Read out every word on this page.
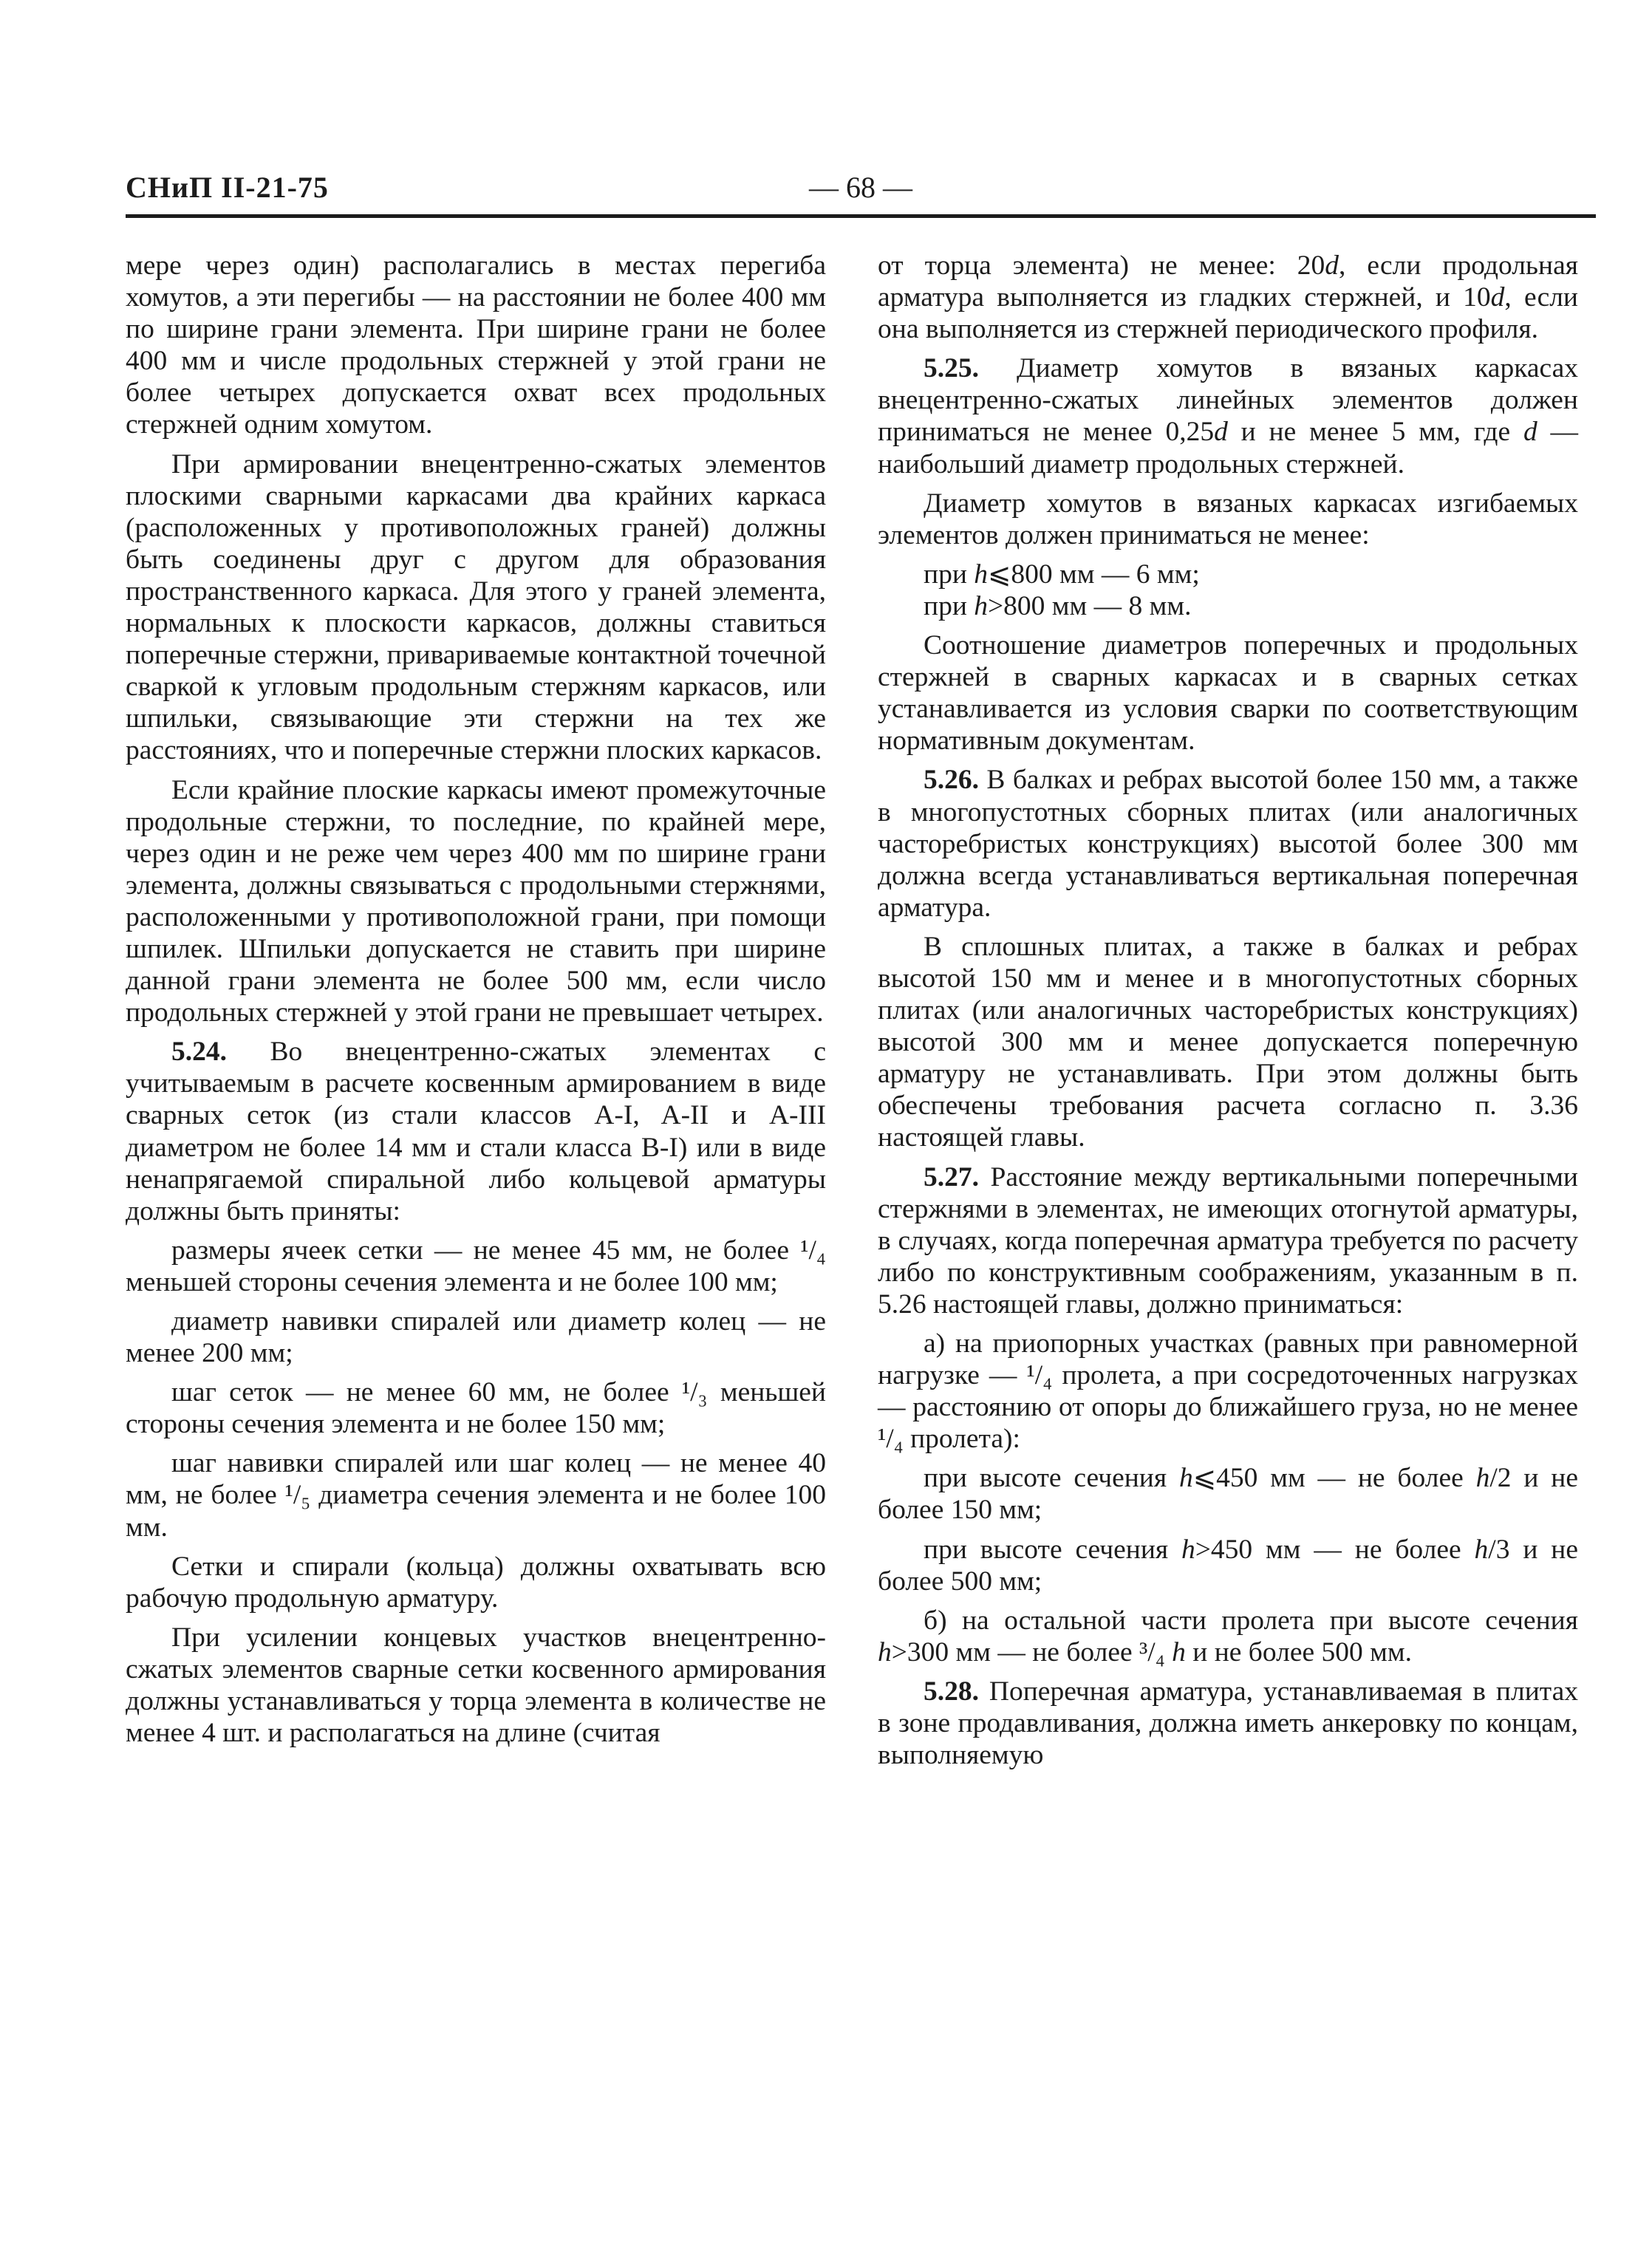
СНиП II-21-75	— 68 —

мере через один) располагались в местах перегиба хомутов, а эти перегибы — на расстоянии не более 400 мм по ширине грани элемента. При ширине грани не более 400 мм и числе продольных стержней у этой грани не более четырех допускается охват всех продольных стержней одним хомутом.

При армировании внецентренно-сжатых элементов плоскими сварными каркасами два крайних каркаса (расположенных у противоположных граней) должны быть соединены друг с другом для образования пространственного каркаса. Для этого у граней элемента, нормальных к плоскости каркасов, должны ставиться поперечные стержни, привариваемые контактной точечной сваркой к угловым продольным стержням каркасов, или шпильки, связывающие эти стержни на тех же расстояниях, что и поперечные стержни плоских каркасов.

Если крайние плоские каркасы имеют промежуточные продольные стержни, то последние, по крайней мере, через один и не реже чем через 400 мм по ширине грани элемента, должны связываться с продольными стержнями, расположенными у противоположной грани, при помощи шпилек. Шпильки допускается не ставить при ширине данной грани элемента не более 500 мм, если число продольных стержней у этой грани не превышает четырех.

5.24. Во внецентренно-сжатых элементах с учитываемым в расчете косвенным армированием в виде сварных сеток (из стали классов A-I, A-II и A-III диаметром не более 14 мм и стали класса B-I) или в виде ненапрягаемой спиральной либо кольцевой арматуры должны быть приняты:

размеры ячеек сетки — не менее 45 мм, не более ¹/₄ меньшей стороны сечения элемента и не более 100 мм;

диаметр навивки спиралей или диаметр колец — не менее 200 мм;

шаг сеток — не менее 60 мм, не более ¹/₃ меньшей стороны сечения элемента и не более 150 мм;

шаг навивки спиралей или шаг колец — не менее 40 мм, не более ¹/₅ диаметра сечения элемента и не более 100 мм.

Сетки и спирали (кольца) должны охватывать всю рабочую продольную арматуру.

При усилении концевых участков внецентренно-сжатых элементов сварные сетки косвенного армирования должны устанавливаться у торца элемента в количестве не менее 4 шт. и располагаться на длине (считая

от торца элемента) не менее: 20d, если продольная арматура выполняется из гладких стержней, и 10d, если она выполняется из стержней периодического профиля.

5.25. Диаметр хомутов в вязаных каркасах внецентренно-сжатых линейных элементов должен приниматься не менее 0,25d и не менее 5 мм, где d — наибольший диаметр продольных стержней.

Диаметр хомутов в вязаных каркасах изгибаемых элементов должен приниматься не менее:

при h⩽800 мм — 6 мм;

при h>800 мм — 8 мм.

Соотношение диаметров поперечных и продольных стержней в сварных каркасах и в сварных сетках устанавливается из условия сварки по соответствующим нормативным документам.

5.26. В балках и ребрах высотой более 150 мм, а также в многопустотных сборных плитах (или аналогичных часторебристых конструкциях) высотой более 300 мм должна всегда устанавливаться вертикальная поперечная арматура.

В сплошных плитах, а также в балках и ребрах высотой 150 мм и менее и в многопустотных сборных плитах (или аналогичных часторебристых конструкциях) высотой 300 мм и менее допускается поперечную арматуру не устанавливать. При этом должны быть обеспечены требования расчета согласно п. 3.36 настоящей главы.

5.27. Расстояние между вертикальными поперечными стержнями в элементах, не имеющих отогнутой арматуры, в случаях, когда поперечная арматура требуется по расчету либо по конструктивным соображениям, указанным в п. 5.26 настоящей главы, должно приниматься:

а) на приопорных участках (равных при равномерной нагрузке — ¹/₄ пролета, а при сосредоточенных нагрузках — расстоянию от опоры до ближайшего груза, но не менее ¹/₄ пролета):

при высоте сечения h⩽450 мм — не более h/2 и не более 150 мм;

при высоте сечения h>450 мм — не более h/3 и не более 500 мм;

б) на остальной части пролета при высоте сечения h>300 мм — не более ³/₄ h и не более 500 мм.

5.28. Поперечная арматура, устанавливаемая в плитах в зоне продавливания, должна иметь анкеровку по концам, выполняемую
